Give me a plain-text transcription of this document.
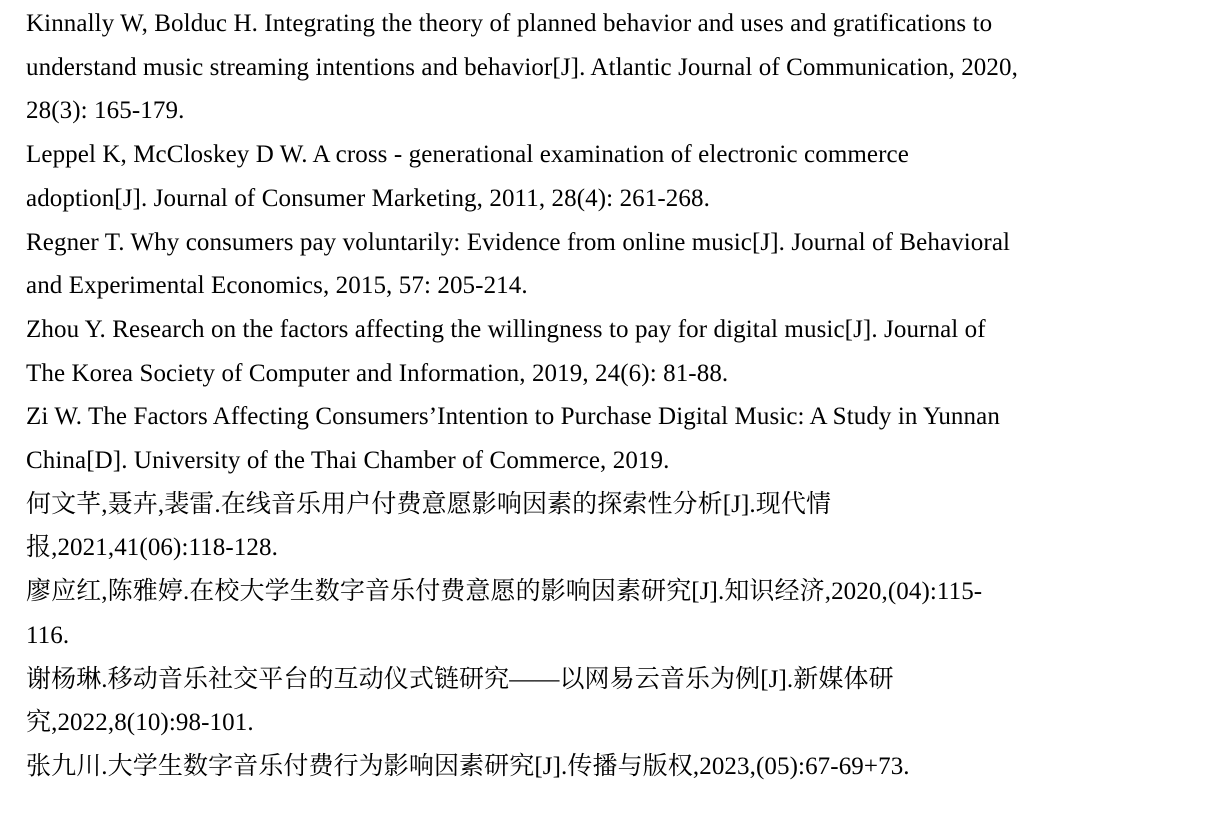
Kinnally W, Bolduc H. Integrating the theory of planned behavior and uses and gratifications to
understand music streaming intentions and behavior[J]. Atlantic Journal of Communication, 2020,
28(3): 165-179.

Leppel K, McCloskey D W. A cross ‐ generational examination of electronic commerce
adoption[J]. Journal of Consumer Marketing, 2011, 28(4): 261-268.

Regner T. Why consumers pay voluntarily: Evidence from online music[J]. Journal of Behavioral
and Experimental Economics, 2015, 57: 205-214.

Zhou Y. Research on the factors affecting the willingness to pay for digital music[J]. Journal of
The Korea Society of Computer and Information, 2019, 24(6): 81-88.

Zi W. The Factors Affecting Consumers’Intention to Purchase Digital Music: A Study in Yunnan
China[D]. University of the Thai Chamber of Commerce, 2019.

何文芊,聂卉,裴雷.在线音乐用户付费意愿影响因素的探索性分析[J].现代情
报,2021,41(06):118-128.

廖应红,陈雅婷.在校大学生数字音乐付费意愿的影响因素研究[J].知识经济,2020,(04):115-
116.

谢杨琳.移动音乐社交平台的互动仪式链研究——以网易云音乐为例[J].新媒体研
究,2022,8(10):98-101.

张九川.大学生数字音乐付费行为影响因素研究[J].传播与版权,2023,(05):67-69+73.
